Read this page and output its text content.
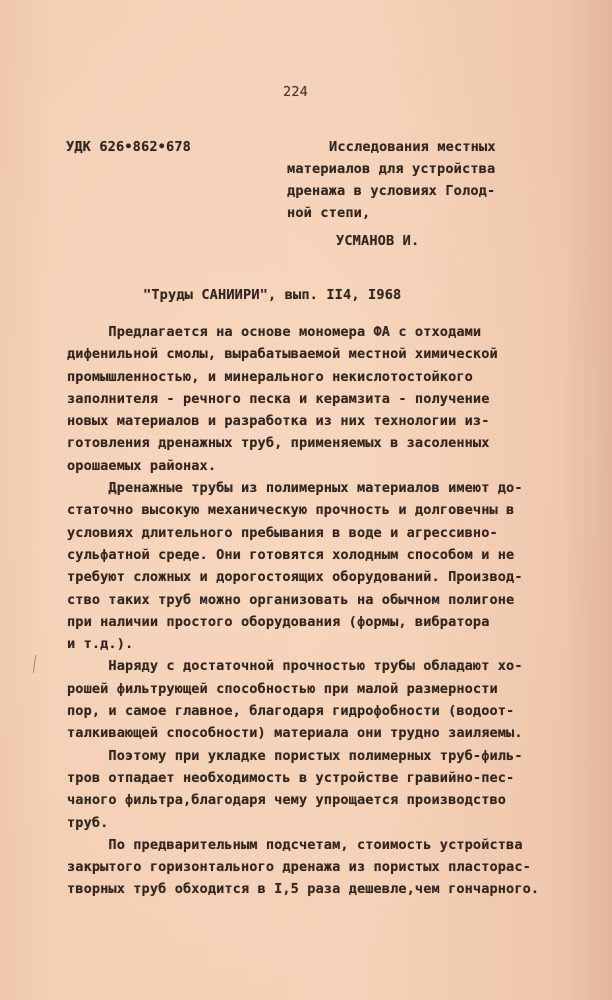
224
УДК 626•862•678	Исследования местных
материалов для устройства
дренажа в условиях Голод-
ной степи,
УСМАНОВ И.
"Труды САНИИРИ", вып. II4, I968
Предлагается на основе мономера ФА с отходами
дифенильной смолы, вырабатываемой местной химической
промышленностью, и минерального некислотостойкого
заполнителя - речного песка и керамзита - получение
новых материалов и разработка из них технологии из-
готовления дренажных труб, применяемых в засоленных
орошаемых районах.
Дренажные трубы из полимерных материалов имеют до-
статочно высокую механическую прочность и долговечны в
условиях длительного пребывания в воде и агрессивно-
сульфатной среде. Они готовятся холодным способом и не
требуют сложных и дорогостоящих оборудований. Производ-
ство таких труб можно организовать на обычном полигоне
при наличии простого оборудования (формы, вибратора
и т.д.).
Наряду с достаточной прочностью трубы обладают хо-
рошей фильтрующей способностью при малой размерности
пор, и самое главное, благодаря гидрофобности (водоот-
талкивающей способности) материала они трудно заиляемы.
Поэтому при укладке пористых полимерных труб-филь-
тров отпадает необходимость в устройстве гравийно-пес-
чаного фильтра,благодаря чему упрощается производство
труб.
По предварительным подсчетам, стоимость устройства
закрытого горизонтального дренажа из пористых пласторас-
творных труб обходится в I,5 раза дешевле,чем гончарного.
